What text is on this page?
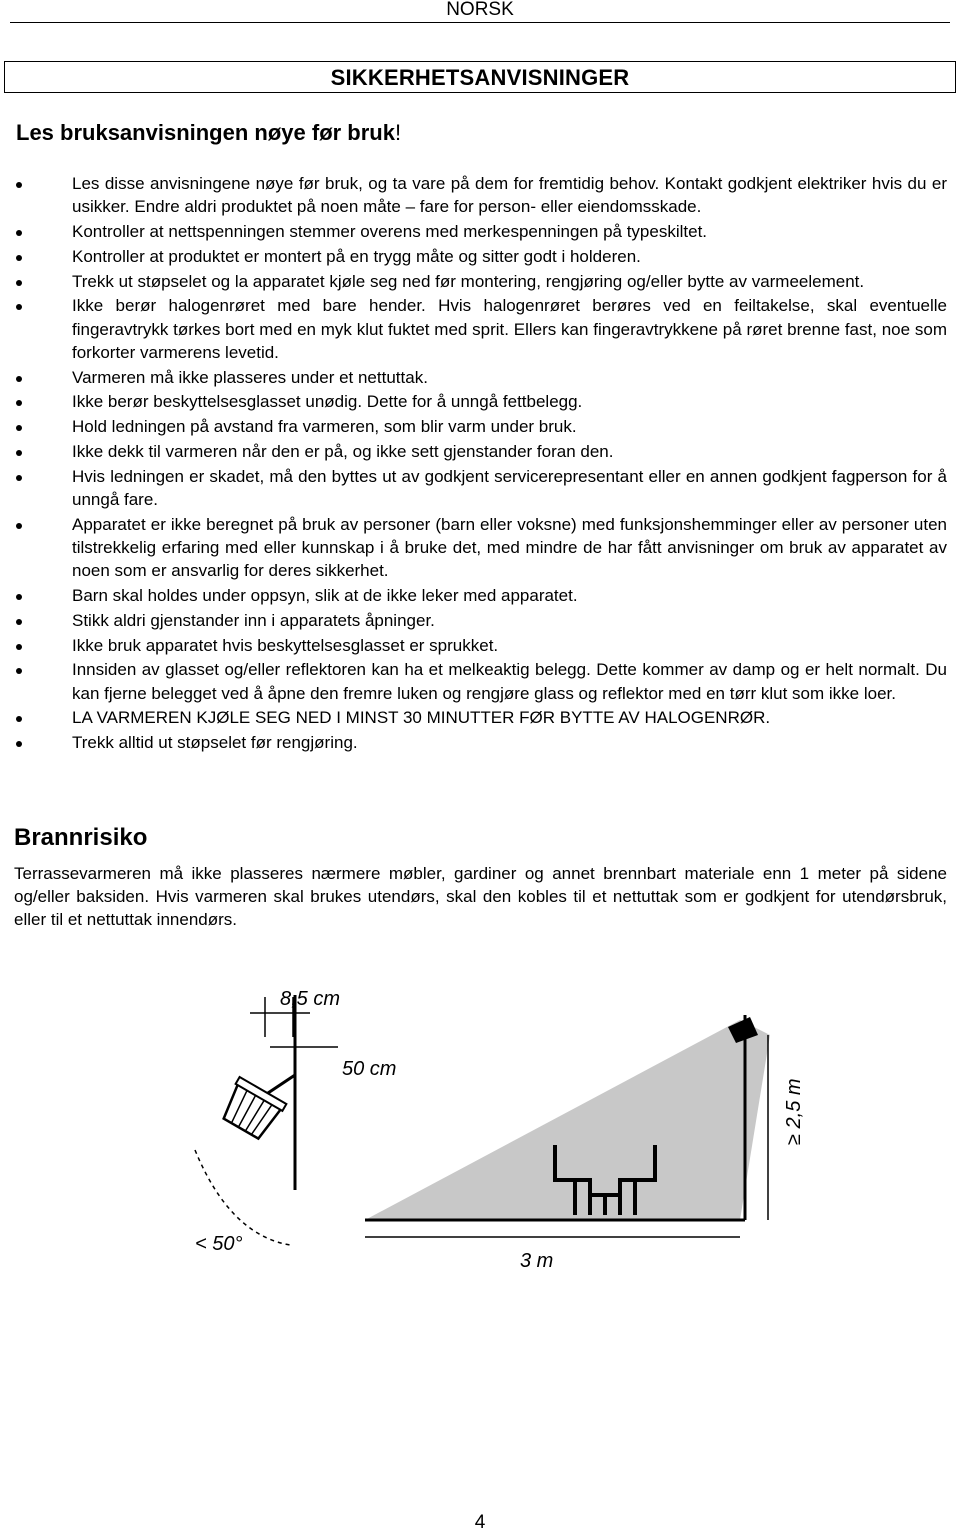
NORSK
SIKKERHETSANVISNINGER
Les bruksanvisningen nøye før bruk!
Les disse anvisningene nøye før bruk, og ta vare på dem for fremtidig behov. Kontakt godkjent elektriker hvis du er usikker. Endre aldri produktet på noen måte – fare for person- eller eiendomsskade.
Kontroller at nettspenningen stemmer overens med merkespenningen på typeskiltet.
Kontroller at produktet er montert på en trygg måte og sitter godt i holderen.
Trekk ut støpselet og la apparatet kjøle seg ned før montering, rengjøring og/eller bytte av varmeelement.
Ikke berør halogenrøret med bare hender. Hvis halogenrøret berøres ved en feiltakelse, skal eventuelle fingeravtrykk tørkes bort med en myk klut fuktet med sprit. Ellers kan fingeravtrykkene på røret brenne fast, noe som forkorter varmerens levetid.
Varmeren må ikke plasseres under et nettuttak.
Ikke berør beskyttelsesglasset unødig. Dette for å unngå fettbelegg.
Hold ledningen på avstand fra varmeren, som blir varm under bruk.
Ikke dekk til varmeren når den er på, og ikke sett gjenstander foran den.
Hvis ledningen er skadet, må den byttes ut av godkjent servicerepresentant eller en annen godkjent fagperson for å unngå fare.
Apparatet er ikke beregnet på bruk av personer (barn eller voksne) med funksjonshemminger eller av personer uten tilstrekkelig erfaring med eller kunnskap i å bruke det, med mindre de har fått anvisninger om bruk av apparatet av noen som er ansvarlig for deres sikkerhet.
Barn skal holdes under oppsyn, slik at de ikke leker med apparatet.
Stikk aldri gjenstander inn i apparatets åpninger.
Ikke bruk apparatet hvis beskyttelsesglasset er sprukket.
Innsiden av glasset og/eller reflektoren kan ha et melkeaktig belegg. Dette kommer av damp og er helt normalt. Du kan fjerne belegget ved å åpne den fremre luken og rengjøre glass og reflektor med en tørr klut som ikke loer.
LA VARMEREN KJØLE SEG NED I MINST 30 MINUTTER FØR BYTTE AV HALOGENRØR.
Trekk alltid ut støpselet før rengjøring.
Brannrisiko

Terrassevarmeren må ikke plasseres nærmere møbler, gardiner og annet brennbart materiale enn 1 meter på sidene og/eller baksiden. Hvis varmeren skal brukes utendørs, skal den kobles til et nettuttak som er godkjent for utendørsbruk, eller til et nettuttak innendørs.

8,5 cm
50 cm
< 50°
≥ 2,5 m
3 m
4
